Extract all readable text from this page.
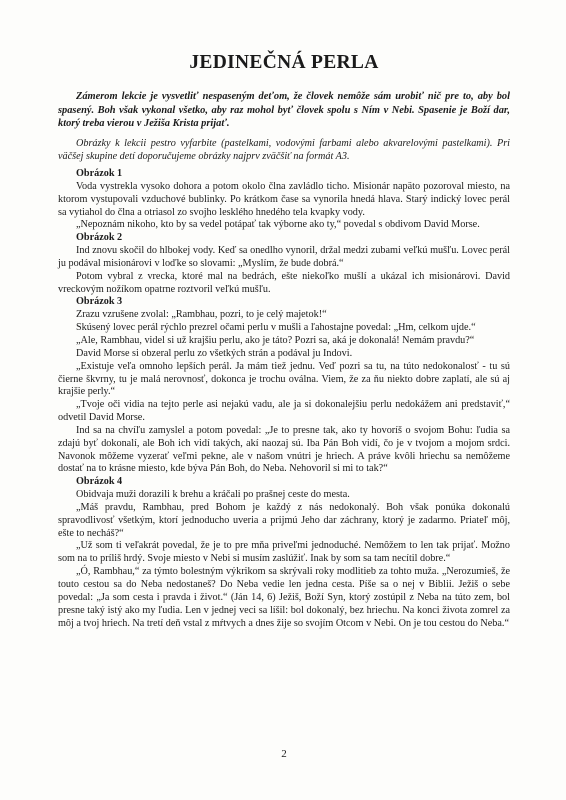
JEDINEČNÁ PERLA

Zámerom lekcie je vysvetliť nespaseným deťom, že človek nemôže sám urobiť nič pre to, aby bol spasený. Boh však vykonal všetko, aby raz mohol byť človek spolu s Ním v Nebi. Spasenie je Boží dar, ktorý treba vierou v Ježiša Krista prijať.

Obrázky k lekcii pestro vyfarbite (pastelkami, vodovými farbami alebo akvarelovými pastelkami). Pri väčšej skupine detí doporučujeme obrázky najprv zväčšiť na formát A3.

Obrázok 1

Voda vystrekla vysoko dohora a potom okolo člna zavládlo ticho. Misionár napäto pozoroval miesto, na ktorom vystupovali vzduchové bublinky. Po krátkom čase sa vynorila hnedá hlava. Starý indický lovec perál sa vytiahol do člna a otriasol zo svojho lesklého hnedého tela kvapky vody.

„Nepoznám nikoho, kto by sa vedel potápať tak výborne ako ty,“ povedal s obdivom David Morse.

Obrázok 2

Ind znovu skočil do hlbokej vody. Keď sa onedlho vynoril, držal medzi zubami veľkú mušľu. Lovec perál ju podával misionárovi v loďke so slovami: „Myslím, že bude dobrá.“

Potom vybral z vrecka, ktoré mal na bedrách, ešte niekoľko mušlí a ukázal ich misionárovi. David vreckovým nožíkom opatrne roztvoril veľkú mušľu.

Obrázok 3

Zrazu vzrušene zvolal: „Rambhau, pozri, to je celý majetok!“

Skúsený lovec perál rýchlo prezrel očami perlu v mušli a ľahostajne povedal: „Hm, celkom ujde.“

„Ale, Rambhau, videl si už krajšiu perlu, ako je táto? Pozri sa, aká je dokonalá! Nemám pravdu?“

David Morse si obzeral perlu zo všetkých strán a podával ju Indovi.

„Existuje veľa omnoho lepších perál. Ja mám tiež jednu. Veď pozri sa tu, na túto nedokonalosť - tu sú čierne škvrny, tu je malá nerovnosť, dokonca je trochu oválna. Viem, že za ňu niekto dobre zaplatí, ale sú aj krajšie perly.“

„Tvoje oči vidia na tejto perle asi nejakú vadu, ale ja si dokonalejšiu perlu nedokážem ani predstaviť,“ odvetil David Morse.

Ind sa na chvíľu zamyslel a potom povedal: „Je to presne tak, ako ty hovoríš o svojom Bohu: ľudia sa zdajú byť dokonalí, ale Boh ich vidí takých, akí naozaj sú. Iba Pán Boh vidí, čo je v tvojom a mojom srdci. Navonok môžeme vyzerať veľmi pekne, ale v našom vnútri je hriech. A práve kvôli hriechu sa nemôžeme dostať na to krásne miesto, kde býva Pán Boh, do Neba. Nehovoril si mi to tak?“

Obrázok 4

Obidvaja muži dorazili k brehu a kráčali po prašnej ceste do mesta.

„Máš pravdu, Rambhau, pred Bohom je každý z nás nedokonalý. Boh však ponúka dokonalú spravodlivosť všetkým, ktorí jednoducho uveria a prijmú Jeho dar záchrany, ktorý je zadarmo. Priateľ môj, ešte to necháš?“

„Už som ti veľakrát povedal, že je to pre mňa priveľmi jednoduché. Nemôžem to len tak prijať. Možno som na to príliš hrdý. Svoje miesto v Nebi si musím zaslúžiť. Inak by som sa tam necítil dobre.“

„Ó, Rambhau,“ za týmto bolestným výkrikom sa skrývali roky modlitieb za tohto muža. „Nerozumieš, že touto cestou sa do Neba nedostaneš? Do Neba vedie len jedna cesta. Píše sa o nej v Biblii. Ježiš o sebe povedal: „Ja som cesta i pravda i život.“ (Ján 14, 6) Ježiš, Boží Syn, ktorý zostúpil z Neba na túto zem, bol presne taký istý ako my ľudia. Len v jednej veci sa líšil: bol dokonalý, bez hriechu. Na konci života zomrel za môj a tvoj hriech. Na tretí deň vstal z mŕtvych a dnes žije so svojím Otcom v Nebi. On je tou cestou do Neba.“

2
